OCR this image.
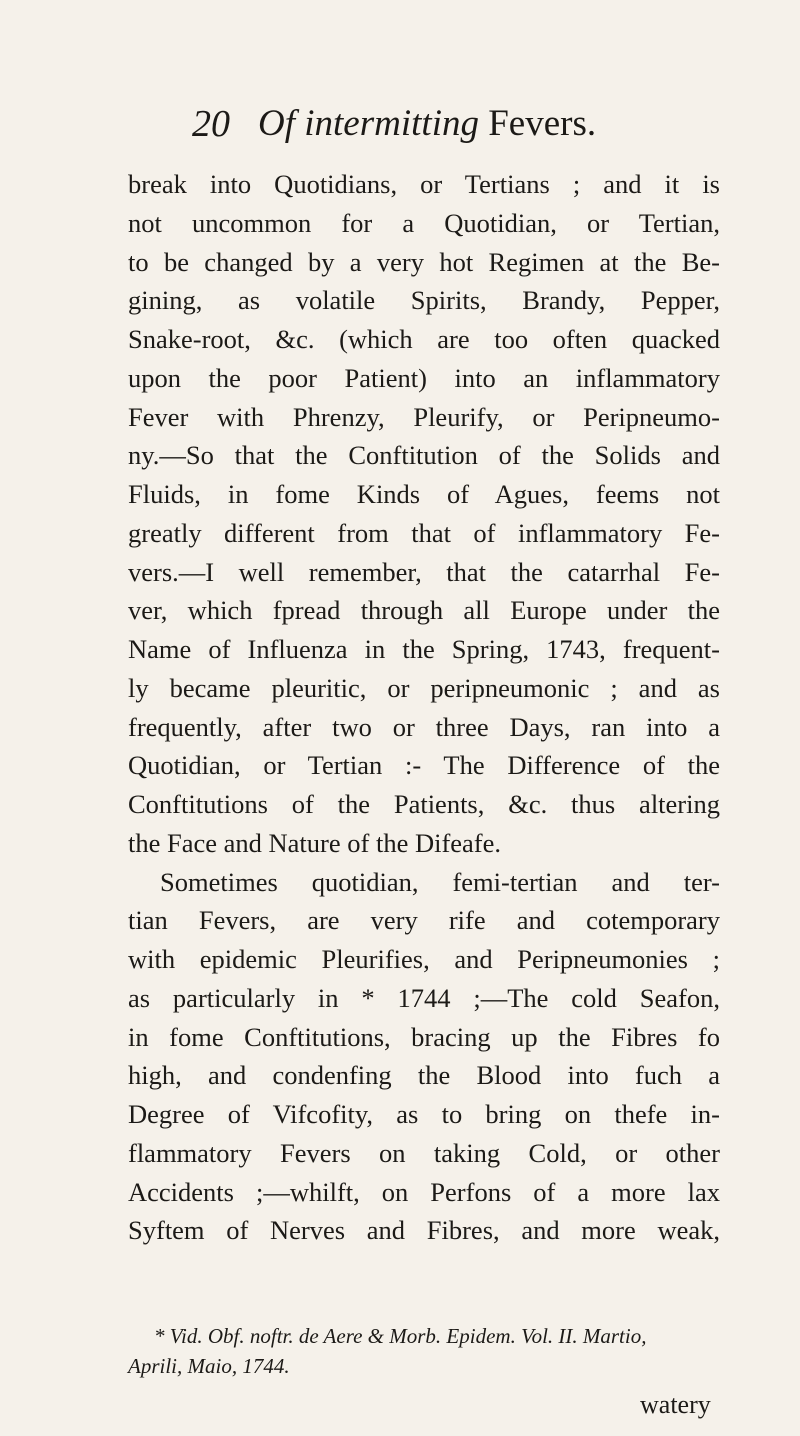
20 Of intermitting Fevers.
break into Quotidians, or Tertians ; and it is
not uncommon for a Quotidian, or Tertian,
to be changed by a very hot Regimen at the Be-
gining, as volatile Spirits, Brandy, Pepper,
Snake-root, &c. (which are too often quacked
upon the poor Patient) into an inflammatory
Fever with Phrenzy, Pleurify, or Peripneumo-
ny.—So that the Conftitution of the Solids and
Fluids, in fome Kinds of Agues, feems not
greatly different from that of inflammatory Fe-
vers.—I well remember, that the catarrhal Fe-
ver, which fpread through all Europe under the
Name of Influenza in the Spring, 1743, frequent-
ly became pleuritic, or peripneumonic ; and as
frequently, after two or three Days, ran into a
Quotidian, or Tertian :- The Difference of the
Conftitutions of the Patients, &c. thus altering
the Face and Nature of the Difeafe.
Sometimes quotidian, femi-tertian and ter-
tian Fevers, are very rife and cotemporary
with epidemic Pleurifies, and Peripneumonies ;
as particularly in * 1744 ;—The cold Seafon,
in fome Conftitutions, bracing up the Fibres fo
high, and condenfing the Blood into fuch a
Degree of Vifcofity, as to bring on thefe in-
flammatory Fevers on taking Cold, or other
Accidents ;—whilft, on Perfons of a more lax
Syftem of Nerves and Fibres, and more weak,
* Vid. Obf. noftr. de Aere & Morb. Epidem. Vol. II. Martio,
Aprili, Maio, 1744.
watery
